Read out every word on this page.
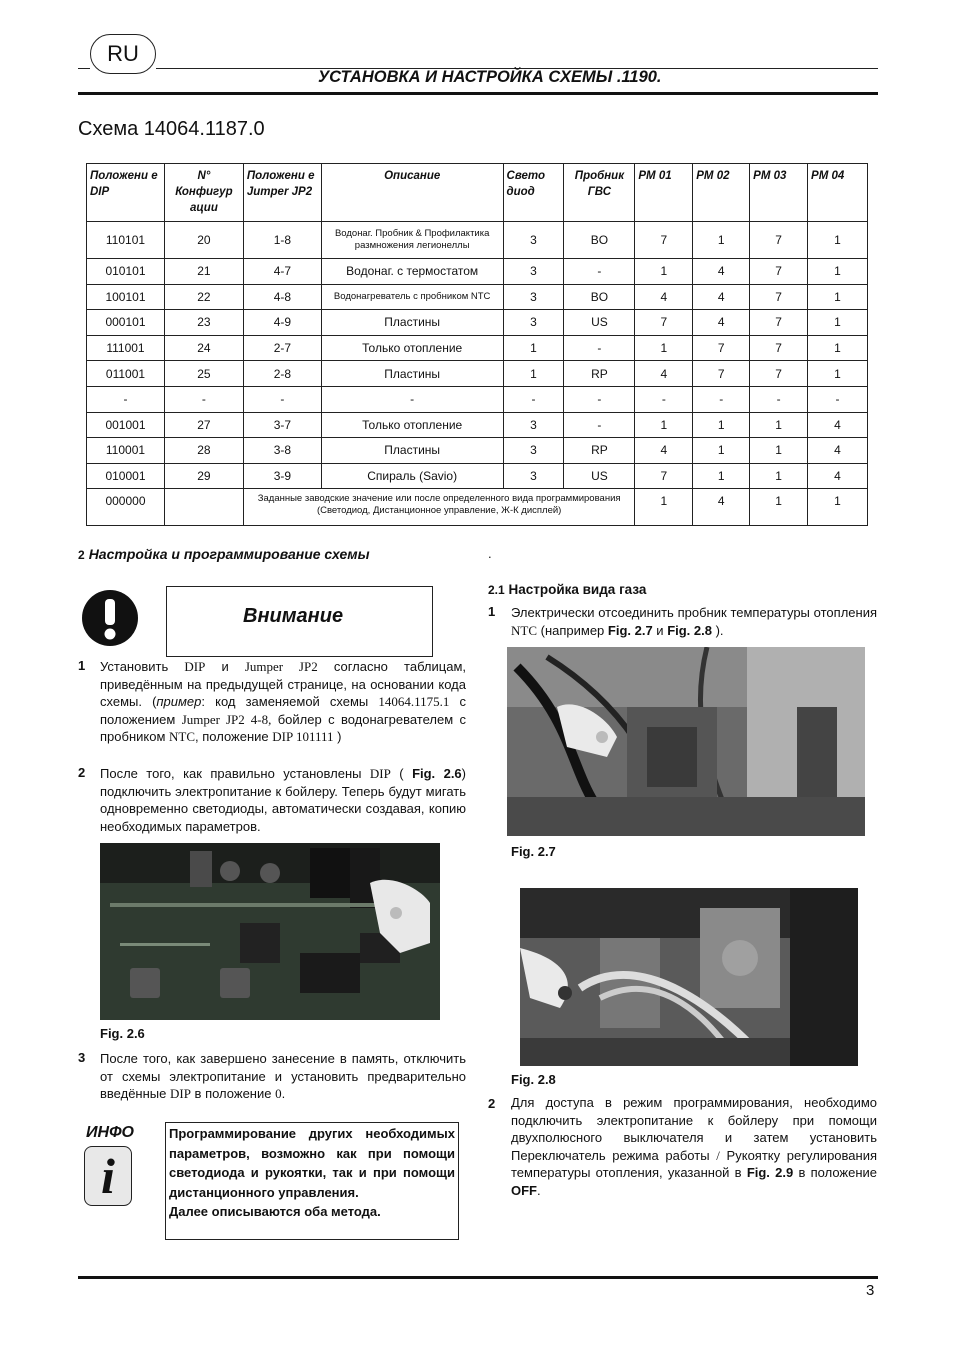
RU
УСТАНОВКА И НАСТРОЙКА СХЕМЫ .1190.
Схема 14064.1187.0
Положени е DIP	N° Конфигур ации	Положени е Jumper JP2	Описание	Свето диод	Пробник ГВС	PM 01	PM 02	PM 03	PM 04
110101	20	1-8	Водонаг. Пробник & Профилактика размножения легионеллы	3	BO	7	1	7	1
010101	21	4-7	Водонаг. с термостатом	3	-	1	4	7	1
100101	22	4-8	Водонагреватель с пробником NTC	3	BO	4	4	7	1
000101	23	4-9	Пластины	3	US	7	4	7	1
111001	24	2-7	Только отопление	1	-	1	7	7	1
011001	25	2-8	Пластины	1	RP	4	7	7	1
-	-	-	-	-	-	-	-	-	-
001001	27	3-7	Только отопление	3	-	1	1	1	4
110001	28	3-8	Пластины	3	RP	4	1	1	4
010001	29	3-9	Спираль (Savio)	3	US	7	1	1	4
000000		Заданные заводские значение или после определенного вида программирования (Светодиод, Дистанционное управление, Ж-К дисплей)				1	4	1	1
2 Настройка и программирование схемы	.
Внимание
1 Установить DIP и Jumper JP2 согласно таблицам, приведённым на предыдущей странице, на основании кода схемы. (пример: код заменяемой схемы 14064.1175.1 с положением Jumper JP2 4-8, бойлер с водонагревателем с пробником NTC, положение DIP 101111 )
2 После того, как правильно установлены DIP ( Fig. 2.6) подключить электропитание к бойлеру. Теперь будут мигать одновременно светодиоды, автоматически создавая, копию необходимых параметров.
Fig. 2.6
3 После того, как завершено занесение в память, отключить от схемы электропитание и установить предварительно введённые DIP в положение 0.
ИНФО
i
Программирование других необходимых параметров, возможно как при помощи светодиода и рукоятки, так и при помощи дистанционного управления.
Далее описываются оба метода.
2.1 Настройка вида газа
1 Электрически отсоединить пробник температуры отопления NTC (например Fig. 2.7 и Fig. 2.8 ).
Fig. 2.7
Fig. 2.8
2 Для доступа в режим программирования, необходимо подключить электропитание к бойлеру при помощи двухполюсного выключателя и затем установить Переключатель режима работы / Рукоятку регулирования температуры отопления, указанной в Fig. 2.9 в положение OFF.
3
